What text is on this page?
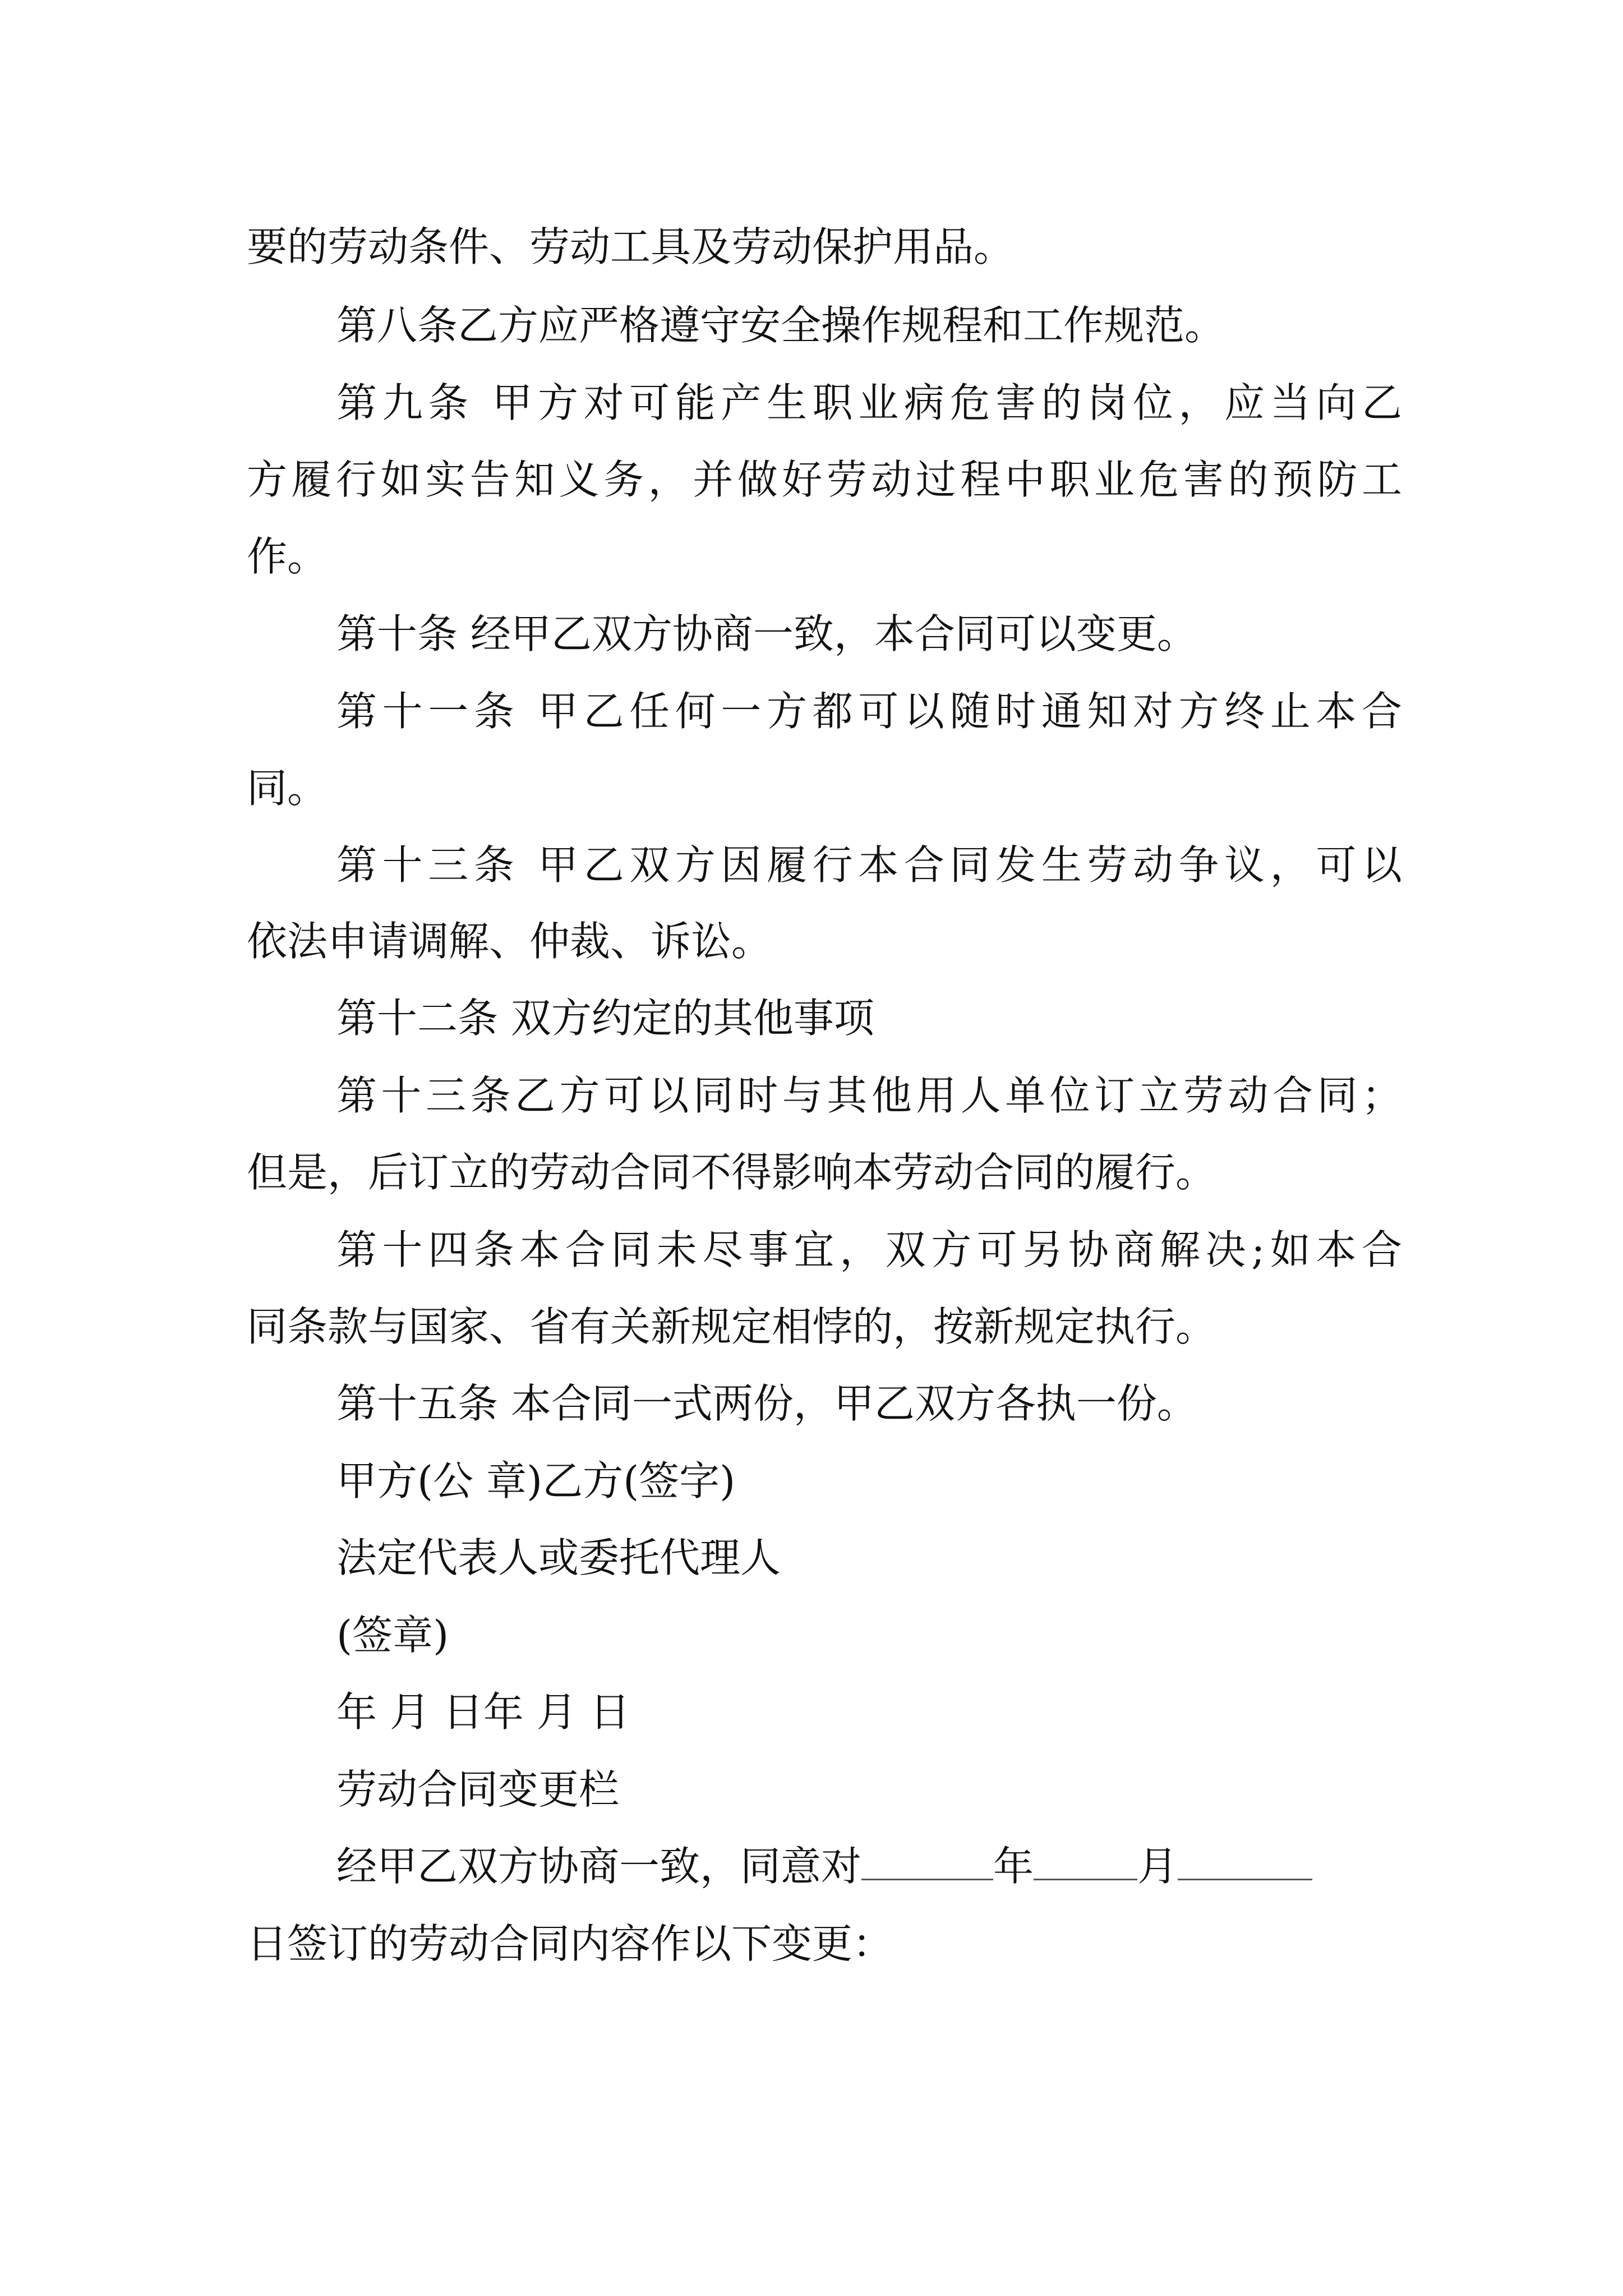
要的劳动条件、劳动工具及劳动保护用品。
第八条乙方应严格遵守安全操作规程和工作规范。
第九条 甲方对可能产生职业病危害的岗位，应当向乙
方履行如实告知义务，并做好劳动过程中职业危害的预防工
作。
第十条 经甲乙双方协商一致，本合同可以变更。
第十一条 甲乙任何一方都可以随时通知对方终止本合
同。
第十三条 甲乙双方因履行本合同发生劳动争议，可以
依法申请调解、仲裁、诉讼。
第十二条 双方约定的其他事项
第十三条乙方可以同时与其他用人单位订立劳动合同；
但是，后订立的劳动合同不得影响本劳动合同的履行。
第十四条本合同未尽事宜，双方可另协商解决;如本合
同条款与国家、省有关新规定相悖的，按新规定执行。
第十五条 本合同一式两份，甲乙双方各执一份。
甲方(公 章)乙方(签字)
法定代表人或委托代理人
(签章)
年 月 日年 月 日
劳动合同变更栏
经甲乙双方协商一致，同意对	年	月
日签订的劳动合同内容作以下变更：
